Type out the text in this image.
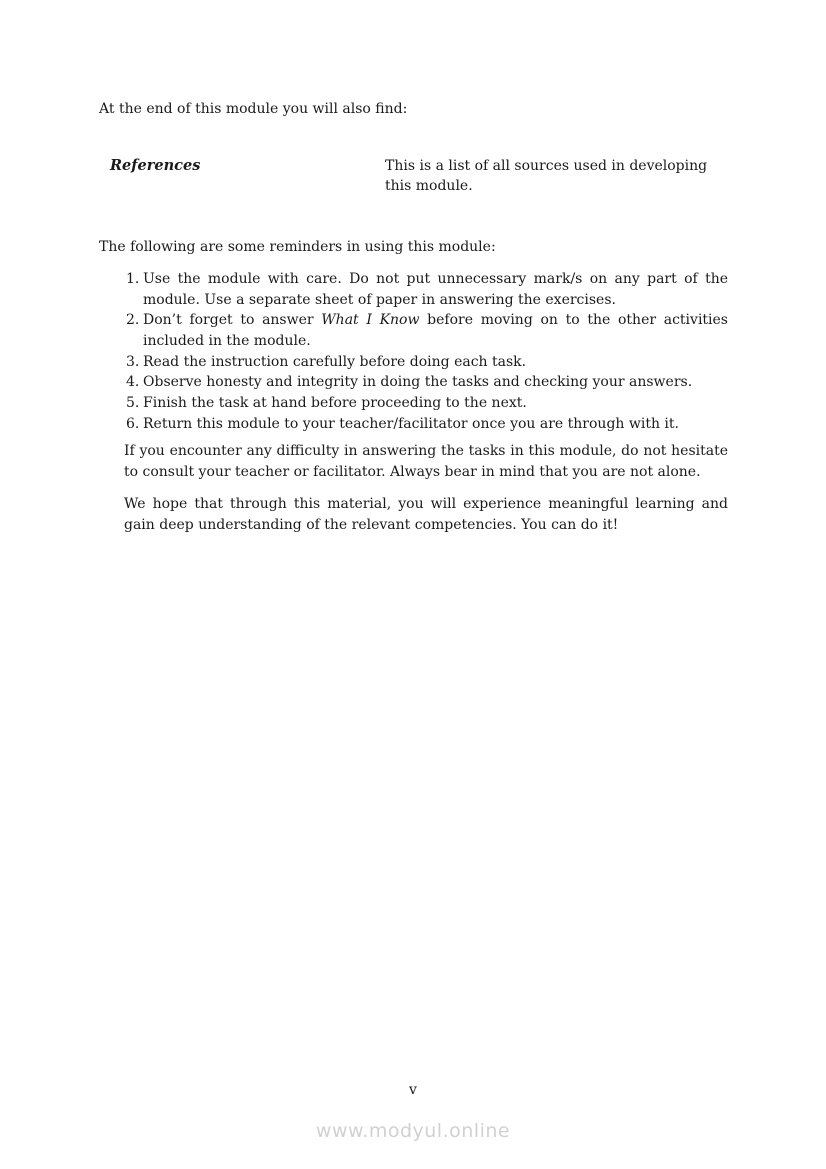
At the end of this module you will also find:

References	This is a list of all sources used in developing this module.

The following are some reminders in using this module:

1. Use the module with care. Do not put unnecessary mark/s on any part of the module. Use a separate sheet of paper in answering the exercises.
2. Don’t forget to answer What I Know before moving on to the other activities included in the module.
3. Read the instruction carefully before doing each task.
4. Observe honesty and integrity in doing the tasks and checking your answers.
5. Finish the task at hand before proceeding to the next.
6. Return this module to your teacher/facilitator once you are through with it.

If you encounter any difficulty in answering the tasks in this module, do not hesitate to consult your teacher or facilitator. Always bear in mind that you are not alone.

We hope that through this material, you will experience meaningful learning and gain deep understanding of the relevant competencies. You can do it!

v
www.modyul.online
